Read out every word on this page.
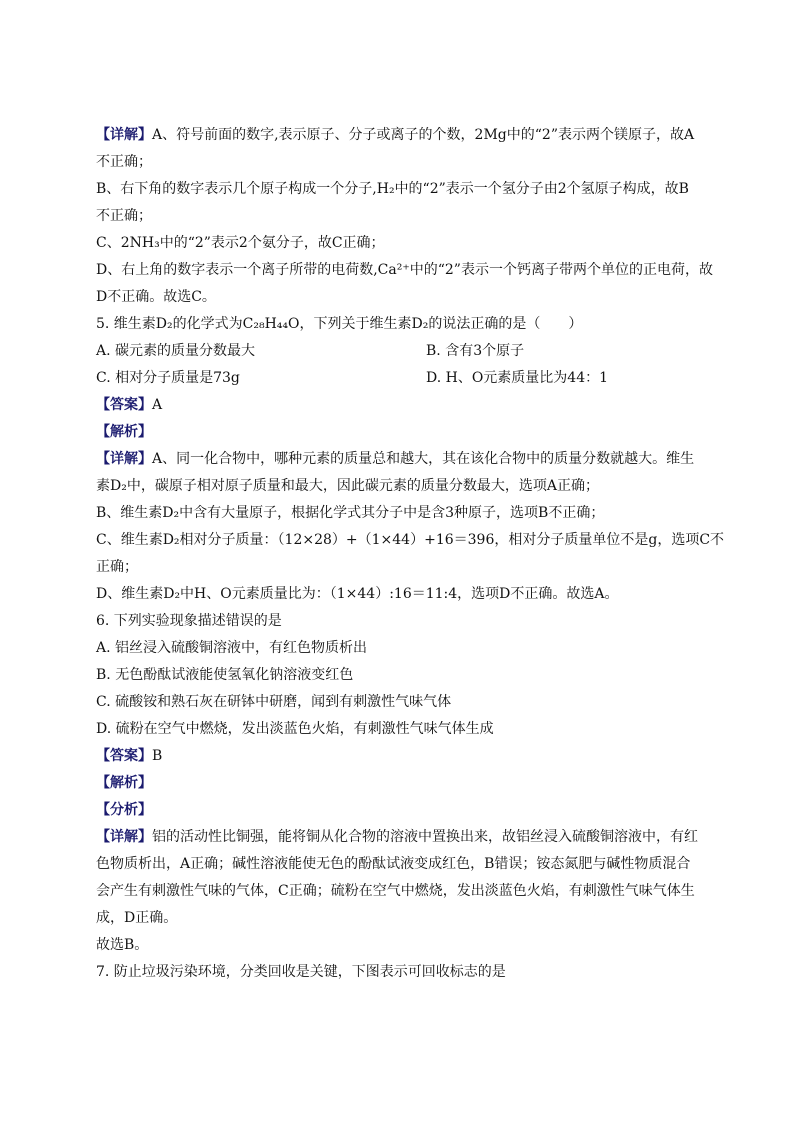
【详解】A、符号前面的数字,表示原子、分子或离子的个数，2Mg中的“2”表示两个镁原子，故A
不正确；
B、右下角的数字表示几个原子构成一个分子,H₂中的“2”表示一个氢分子由2个氢原子构成，故B
不正确；
C、2NH₃中的“2”表示2个氨分子，故C正确；
D、右上角的数字表示一个离子所带的电荷数,Ca²⁺中的“2”表示一个钙离子带两个单位的正电荷，故
D不正确。故选C。
5. 维生素D₂的化学式为C₂₈H₄₄O，下列关于维生素D₂的说法正确的是（　　）
A. 碳元素的质量分数最大	B. 含有3个原子
C. 相对分子质量是73g	D. H、O元素质量比为44：1
【答案】A
【解析】
【详解】A、同一化合物中，哪种元素的质量总和越大，其在该化合物中的质量分数就越大。维生
素D₂中，碳原子相对原子质量和最大，因此碳元素的质量分数最大，选项A正确；
B、维生素D₂中含有大量原子，根据化学式其分子中是含3种原子，选项B不正确；
C、维生素D₂相对分子质量：（12×28）+（1×44）+16＝396，相对分子质量单位不是g，选项C不
正确；
D、维生素D₂中H、O元素质量比为：（1×44）:16＝11:4，选项D不正确。故选A。
6. 下列实验现象描述错误的是
A. 铝丝浸入硫酸铜溶液中，有红色物质析出
B. 无色酚酞试液能使氢氧化钠溶液变红色
C. 硫酸铵和熟石灰在研钵中研磨，闻到有刺激性气味气体
D. 硫粉在空气中燃烧，发出淡蓝色火焰，有刺激性气味气体生成
【答案】B
【解析】
【分析】
【详解】铝的活动性比铜强，能将铜从化合物的溶液中置换出来，故铝丝浸入硫酸铜溶液中，有红
色物质析出，A正确；碱性溶液能使无色的酚酞试液变成红色，B错误；铵态氮肥与碱性物质混合
会产生有刺激性气味的气体，C正确；硫粉在空气中燃烧，发出淡蓝色火焰，有刺激性气味气体生
成，D正确。
故选B。
7. 防止垃圾污染环境，分类回收是关键，下图表示可回收标志的是
